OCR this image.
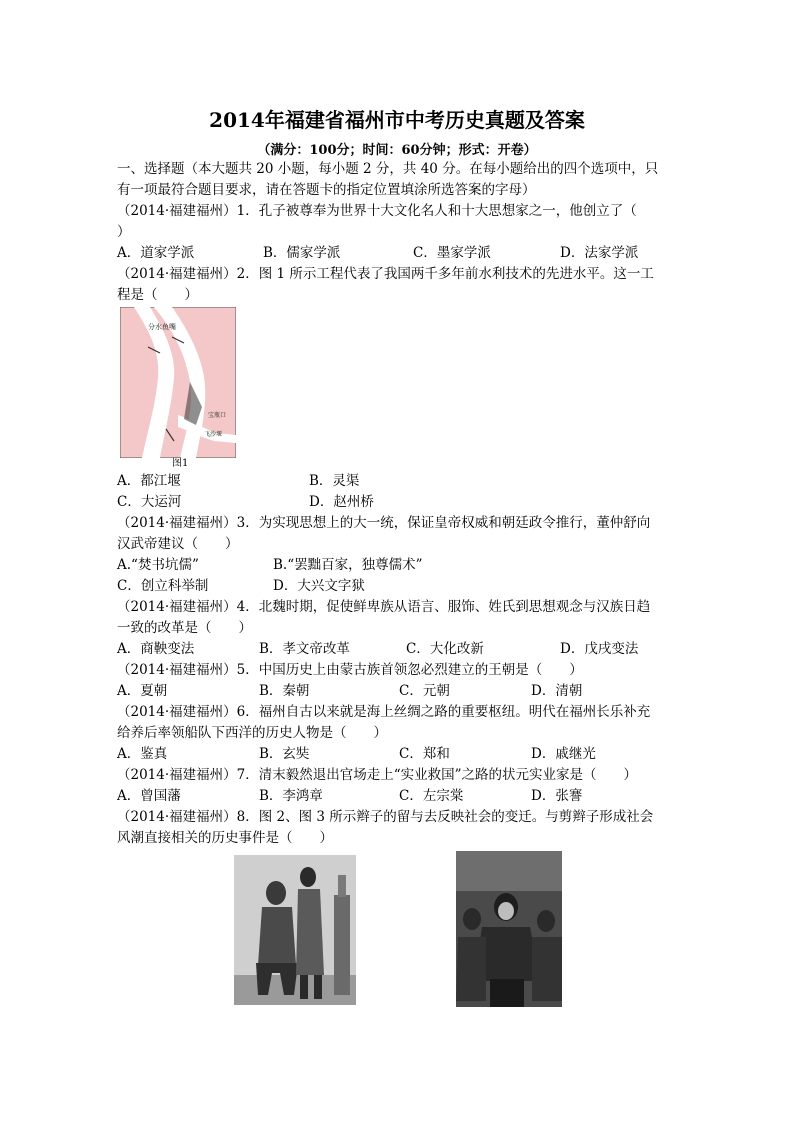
2014年福建省福州市中考历史真题及答案
（满分：100分；时间：60分钟；形式：开卷）
一、选择题（本大题共 20 小题，每小题 2 分，共 40 分。在每小题给出的四个选项中，只
有一项最符合题目要求，请在答题卡的指定位置填涂所选答案的字母）
（2014·福建福州）1．孔子被尊奉为世界十大文化名人和十大思想家之一，他创立了（
）
A．道家学派	B．儒家学派	C．墨家学派	D．法家学派
（2014·福建福州）2．图 1 所示工程代表了我国两千多年前水利技术的先进水平。这一工
程是（　　）
分水鱼嘴
宝瓶口
飞沙堰
图1
A．都江堰	B．灵渠
C．大运河	D．赵州桥
（2014·福建福州）3．为实现思想上的大一统，保证皇帝权威和朝廷政令推行，董仲舒向
汉武帝建议（　　）
A.“焚书坑儒”	B.“罢黜百家，独尊儒术”
C．创立科举制	D．大兴文字狱
（2014·福建福州）4．北魏时期，促使鲜卑族从语言、服饰、姓氏到思想观念与汉族日趋
一致的改革是（　　）
A．商鞅变法	B．孝文帝改革	C．大化改新	D．戊戌变法
（2014·福建福州）5．中国历史上由蒙古族首领忽必烈建立的王朝是（　　）
A．夏朝	B．秦朝	C．元朝	D．清朝
（2014·福建福州）6．福州自古以来就是海上丝绸之路的重要枢纽。明代在福州长乐补充
给养后率领船队下西洋的历史人物是（　　）
A．鉴真	B．玄奘	C．郑和	D．戚继光
（2014·福建福州）7．清末毅然退出官场走上“实业救国”之路的状元实业家是（　　）
A．曾国藩	B．李鸿章	C．左宗棠	D．张謇
（2014·福建福州）8．图 2、图 3 所示辫子的留与去反映社会的变迁。与剪辫子形成社会
风潮直接相关的历史事件是（　　）
